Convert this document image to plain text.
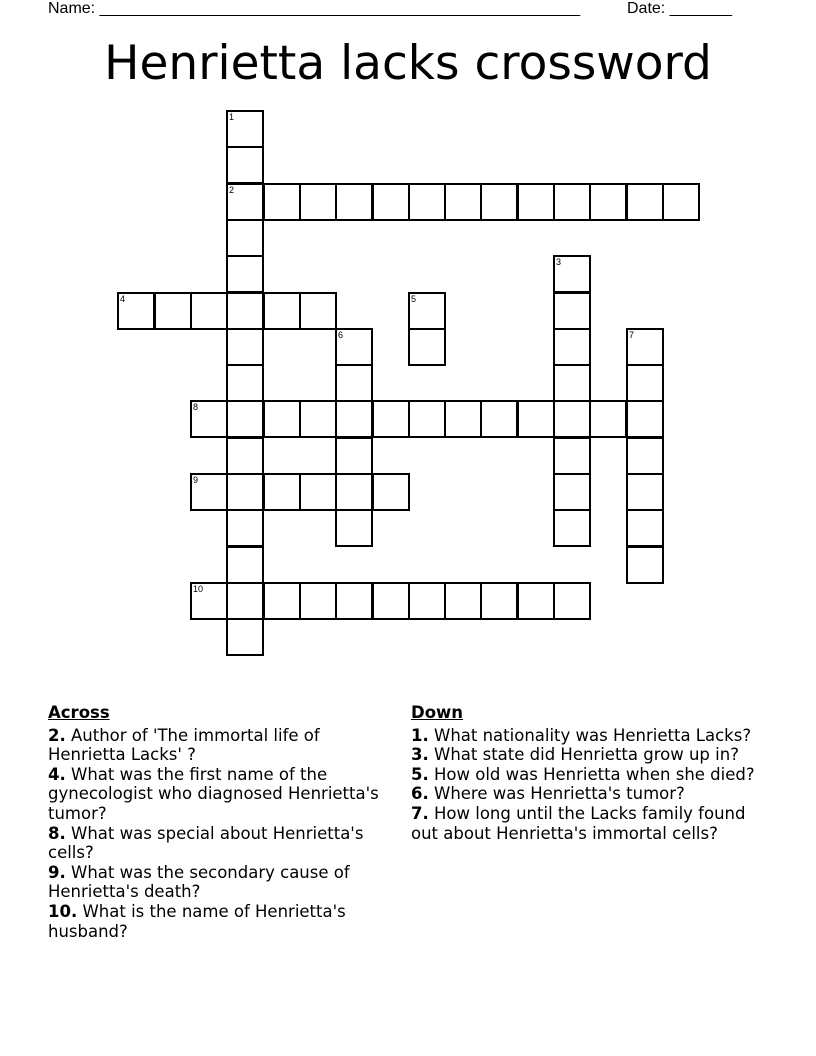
Name: ______________________________________________________	Date: _______
Henrietta lacks crossword
1
2
3
4	5
6	7
8
9
10
Across
2. Author of 'The immortal life of Henrietta Lacks' ?
4. What was the first name of the gynecologist who diagnosed Henrietta's tumor?
8. What was special about Henrietta's cells?
9. What was the secondary cause of Henrietta's death?
10. What is the name of Henrietta's husband?
Down
1. What nationality was Henrietta Lacks?
3. What state did Henrietta grow up in?
5. How old was Henrietta when she died?
6. Where was Henrietta's tumor?
7. How long until the Lacks family found out about Henrietta's immortal cells?
